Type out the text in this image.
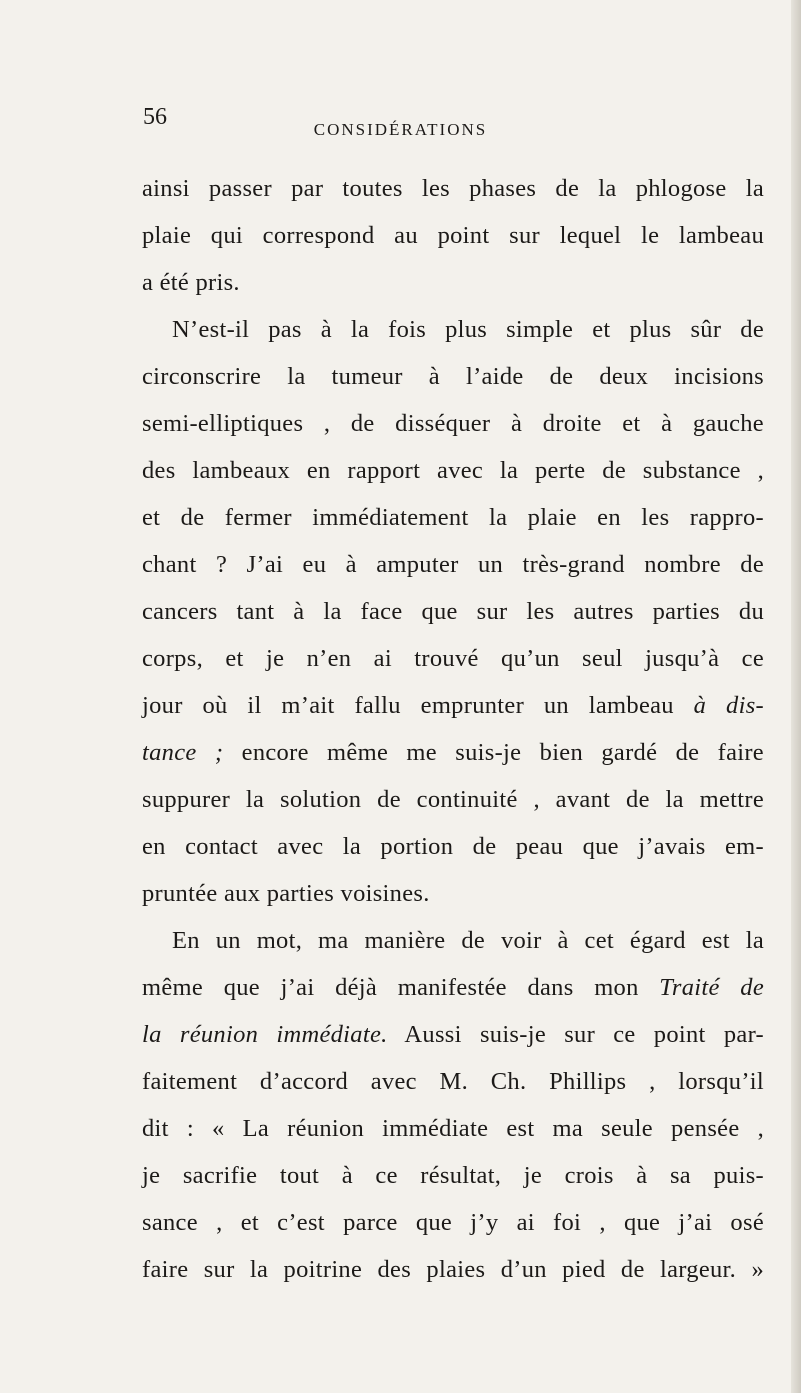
56	CONSIDÉRATIONS
ainsi passer par toutes les phases de la phlogose la
plaie qui correspond au point sur lequel le lambeau
a été pris.
N’est-il pas à la fois plus simple et plus sûr de
circonscrire la tumeur à l’aide de deux incisions
semi-elliptiques , de disséquer à droite et à gauche
des lambeaux en rapport avec la perte de substance ,
et de fermer immédiatement la plaie en les rappro-
chant ? J’ai eu à amputer un très-grand nombre de
cancers tant à la face que sur les autres parties du
corps, et je n’en ai trouvé qu’un seul jusqu’à ce
jour où il m’ait fallu emprunter un lambeau à dis-
tance ; encore même me suis-je bien gardé de faire
suppurer la solution de continuité , avant de la mettre
en contact avec la portion de peau que j’avais em-
pruntée aux parties voisines.
En un mot, ma manière de voir à cet égard est la
même que j’ai déjà manifestée dans mon Traité de
la réunion immédiate. Aussi suis-je sur ce point par-
faitement d’accord avec M. Ch. Phillips , lorsqu’il
dit : « La réunion immédiate est ma seule pensée ,
je sacrifie tout à ce résultat, je crois à sa puis-
sance , et c’est parce que j’y ai foi , que j’ai osé
faire sur la poitrine des plaies d’un pied de largeur. »
